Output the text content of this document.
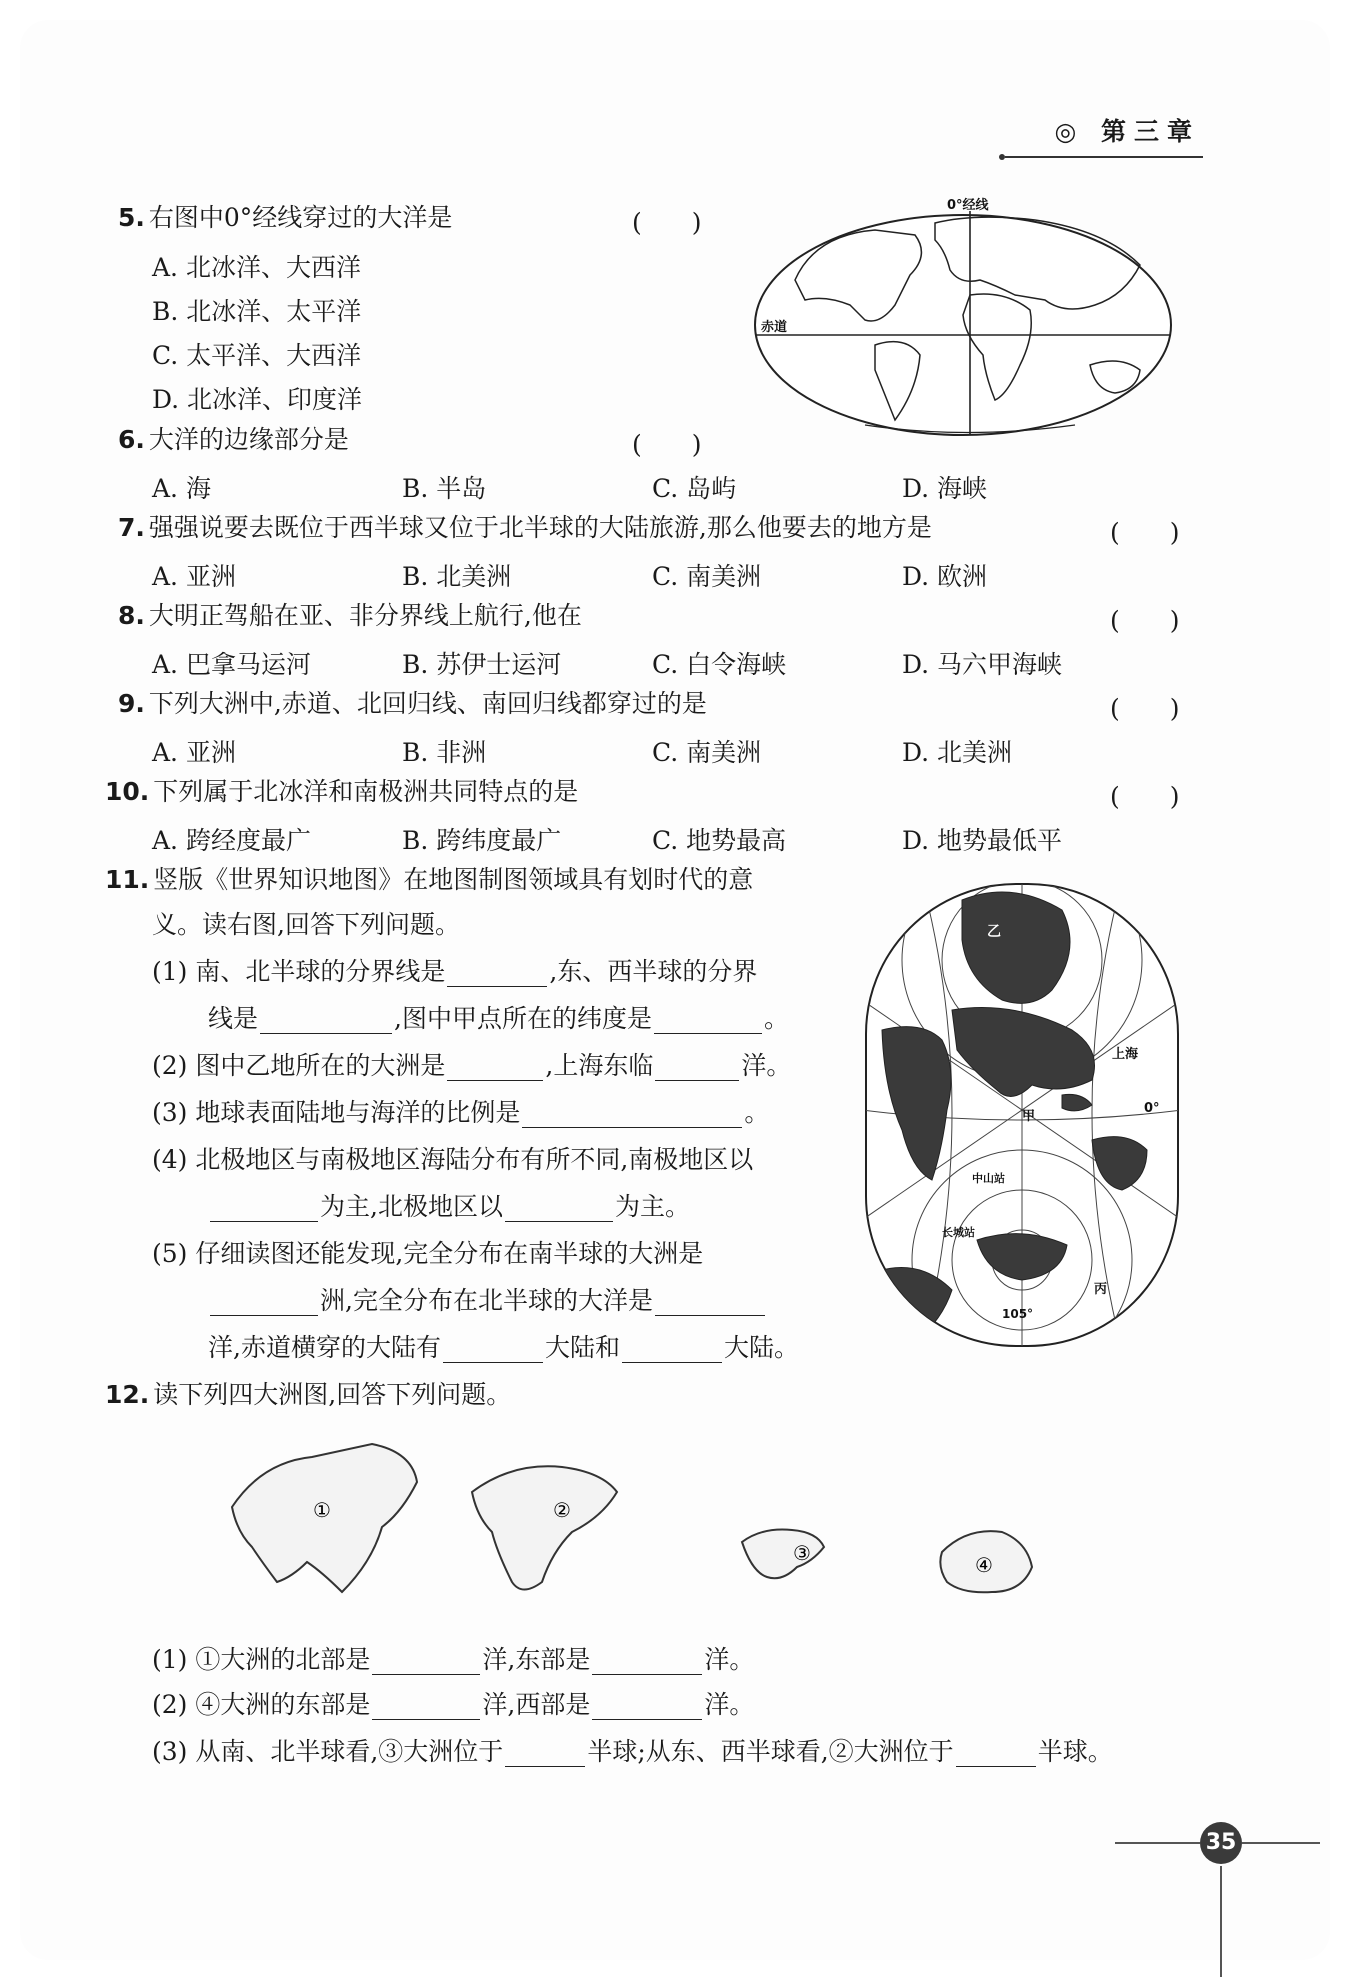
◎ 第三章
5. 右图中0°经线穿过的大洋是	(　　)
A. 北冰洋、大西洋
B. 北冰洋、太平洋
C. 太平洋、大西洋
D. 北冰洋、印度洋
0°经线
赤道
6. 大洋的边缘部分是	(　　)
A. 海	B. 半岛	C. 岛屿	D. 海峡
7. 强强说要去既位于西半球又位于北半球的大陆旅游,那么他要去的地方是	(　　)
A. 亚洲	B. 北美洲	C. 南美洲	D. 欧洲
8. 大明正驾船在亚、非分界线上航行,他在	(　　)
A. 巴拿马运河	B. 苏伊士运河	C. 白令海峡	D. 马六甲海峡
9. 下列大洲中,赤道、北回归线、南回归线都穿过的是	(　　)
A. 亚洲	B. 非洲	C. 南美洲	D. 北美洲
10. 下列属于北冰洋和南极洲共同特点的是	(　　)
A. 跨经度最广	B. 跨纬度最广	C. 地势最高	D. 地势最低平
11. 竖版《世界知识地图》在地图制图领域具有划时代的意
义。读右图,回答下列问题。
(1) 南、北半球的分界线是	,东、西半球的分界
线是	,图中甲点所在的纬度是	。
(2) 图中乙地所在的大洲是	,上海东临	洋。
(3) 地球表面陆地与海洋的比例是	。
(4) 北极地区与南极地区海陆分布有所不同,南极地区以
为主,北极地区以	为主。
(5) 仔细读图还能发现,完全分布在南半球的大洲是
洲,完全分布在北半球的大洋是
洋,赤道横穿的大陆有	大陆和	大陆。
乙
上海
甲
0°
中山站
长城站
丙
105°
12. 读下列四大洲图,回答下列问题。
①	②
③	④
(1) ①大洲的北部是	洋,东部是	洋。
(2) ④大洲的东部是	洋,西部是	洋。
(3) 从南、北半球看,③大洲位于	半球;从东、西半球看,②大洲位于	半球。
35
